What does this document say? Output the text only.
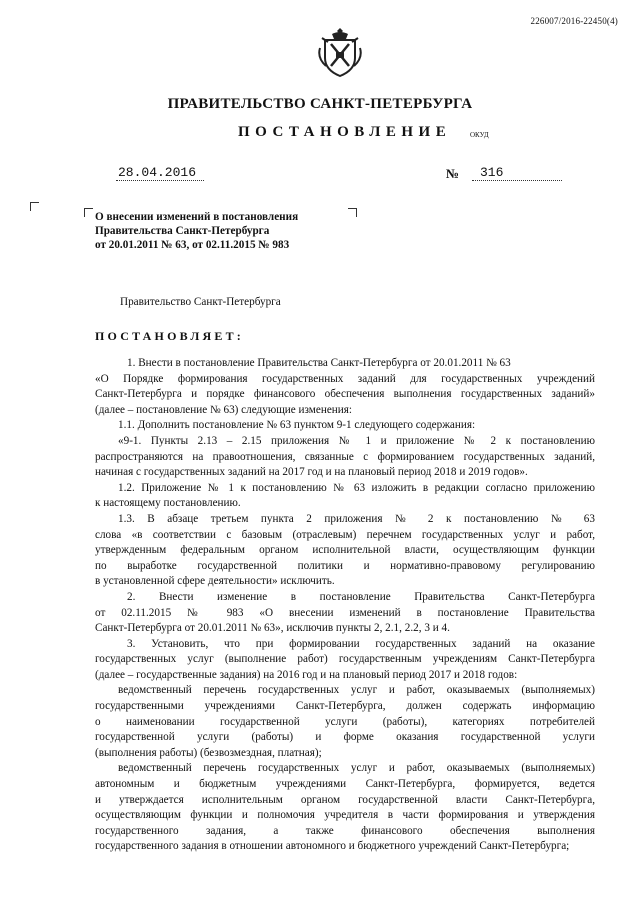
226007/2016-22450(4)
ПРАВИТЕЛЬСТВО САНКТ-ПЕТЕРБУРГА
ПОСТАНОВЛЕНИЕ	ОКУД
28.04.2016	№	316
О внесении изменений в постановления
Правительства Санкт-Петербурга
от 20.01.2011 № 63, от 02.11.2015 № 983
Правительство Санкт-Петербурга
ПОСТАНОВЛЯЕТ:
1. Внести в постановление Правительства Санкт-Петербурга от 20.01.2011 № 63
«О Порядке формирования государственных заданий для государственных учреждений
Санкт-Петербурга и порядке финансового обеспечения выполнения государственных заданий»
(далее – постановление № 63) следующие изменения:
1.1. Дополнить постановление № 63 пунктом 9-1 следующего содержания:
«9-1. Пункты 2.13 – 2.15 приложения № 1 и приложение № 2 к постановлению
распространяются на правоотношения, связанные с формированием государственных заданий,
начиная с государственных заданий на 2017 год и на плановый период 2018 и 2019 годов».
1.2. Приложение № 1 к постановлению № 63 изложить в редакции согласно приложению
к настоящему постановлению.
1.3. В абзаце третьем пункта 2 приложения № 2 к постановлению № 63
слова «в соответствии с базовым (отраслевым) перечнем государственных услуг и работ,
утвержденным федеральным органом исполнительной власти, осуществляющим функции
по выработке государственной политики и нормативно-правовому регулированию
в установленной сфере деятельности» исключить.
2. Внести изменение в постановление Правительства Санкт-Петербурга
от 02.11.2015 № 983 «О внесении изменений в постановление Правительства
Санкт-Петербурга от 20.01.2011 № 63», исключив пункты 2, 2.1, 2.2, 3 и 4.
3. Установить, что при формировании государственных заданий на оказание
государственных услуг (выполнение работ) государственным учреждениям Санкт-Петербурга
(далее – государственные задания) на 2016 год и на плановый период 2017 и 2018 годов:
ведомственный перечень государственных услуг и работ, оказываемых (выполняемых)
государственными учреждениями Санкт-Петербурга, должен содержать информацию
о наименовании государственной услуги (работы), категориях потребителей
государственной услуги (работы) и форме оказания государственной услуги
(выполнения работы) (безвозмездная, платная);
ведомственный перечень государственных услуг и работ, оказываемых (выполняемых)
автономным и бюджетным учреждениями Санкт-Петербурга, формируется, ведется
и утверждается исполнительным органом государственной власти Санкт-Петербурга,
осуществляющим функции и полномочия учредителя в части формирования и утверждения
государственного задания, а также финансового обеспечения выполнения
государственного задания в отношении автономного и бюджетного учреждений Санкт-Петербурга;
